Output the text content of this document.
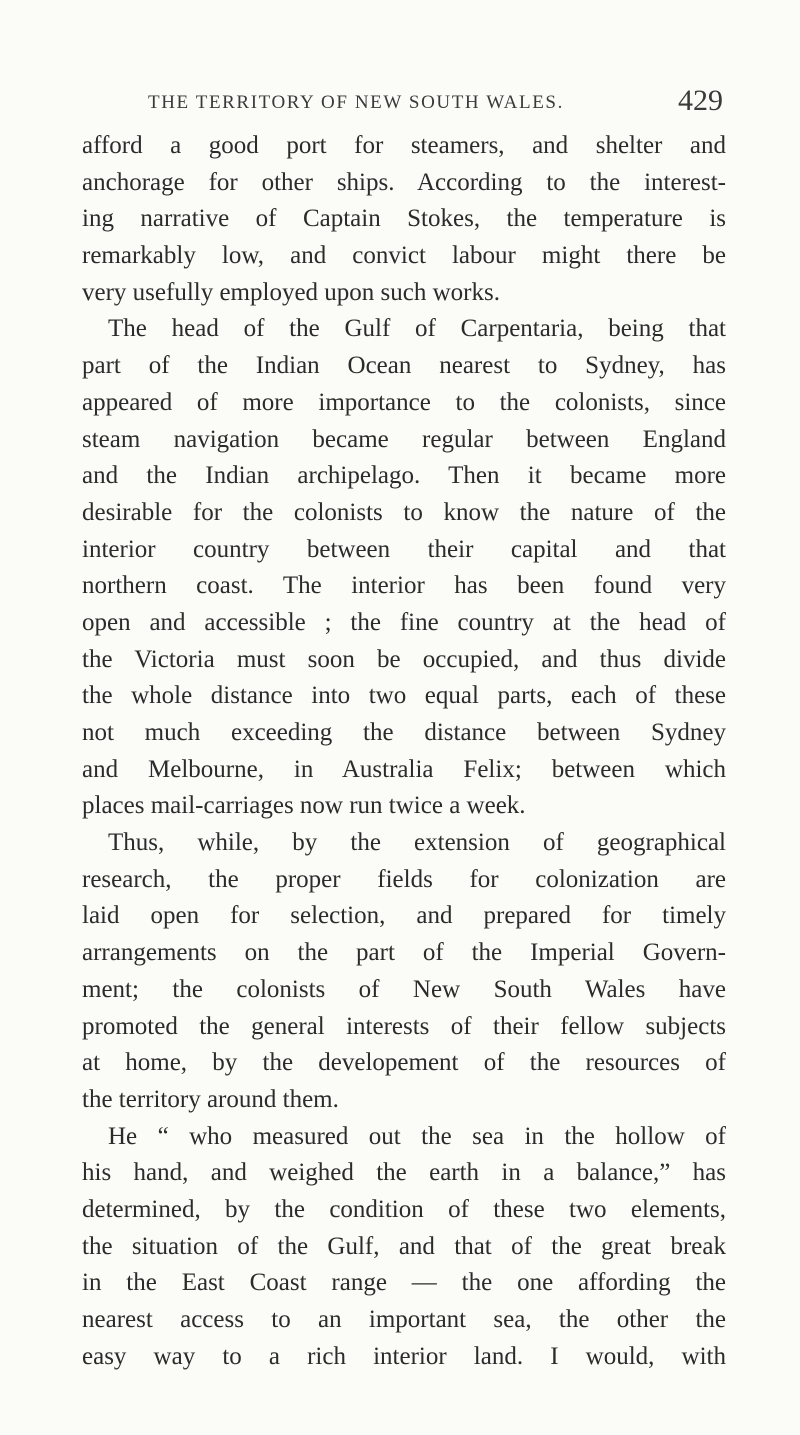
THE TERRITORY OF NEW SOUTH WALES.	429
afford a good port for steamers, and shelter and
anchorage for other ships. According to the interest-
ing narrative of Captain Stokes, the temperature is
remarkably low, and convict labour might there be
very usefully employed upon such works.
The head of the Gulf of Carpentaria, being that
part of the Indian Ocean nearest to Sydney, has
appeared of more importance to the colonists, since
steam navigation became regular between England
and the Indian archipelago. Then it became more
desirable for the colonists to know the nature of the
interior country between their capital and that
northern coast. The interior has been found very
open and accessible ; the fine country at the head of
the Victoria must soon be occupied, and thus divide
the whole distance into two equal parts, each of these
not much exceeding the distance between Sydney
and Melbourne, in Australia Felix; between which
places mail-carriages now run twice a week.
Thus, while, by the extension of geographical
research, the proper fields for colonization are
laid open for selection, and prepared for timely
arrangements on the part of the Imperial Govern-
ment; the colonists of New South Wales have
promoted the general interests of their fellow subjects
at home, by the developement of the resources of
the territory around them.
He “ who measured out the sea in the hollow of
his hand, and weighed the earth in a balance,” has
determined, by the condition of these two elements,
the situation of the Gulf, and that of the great break
in the East Coast range — the one affording the
nearest access to an important sea, the other the
easy way to a rich interior land. I would, with
